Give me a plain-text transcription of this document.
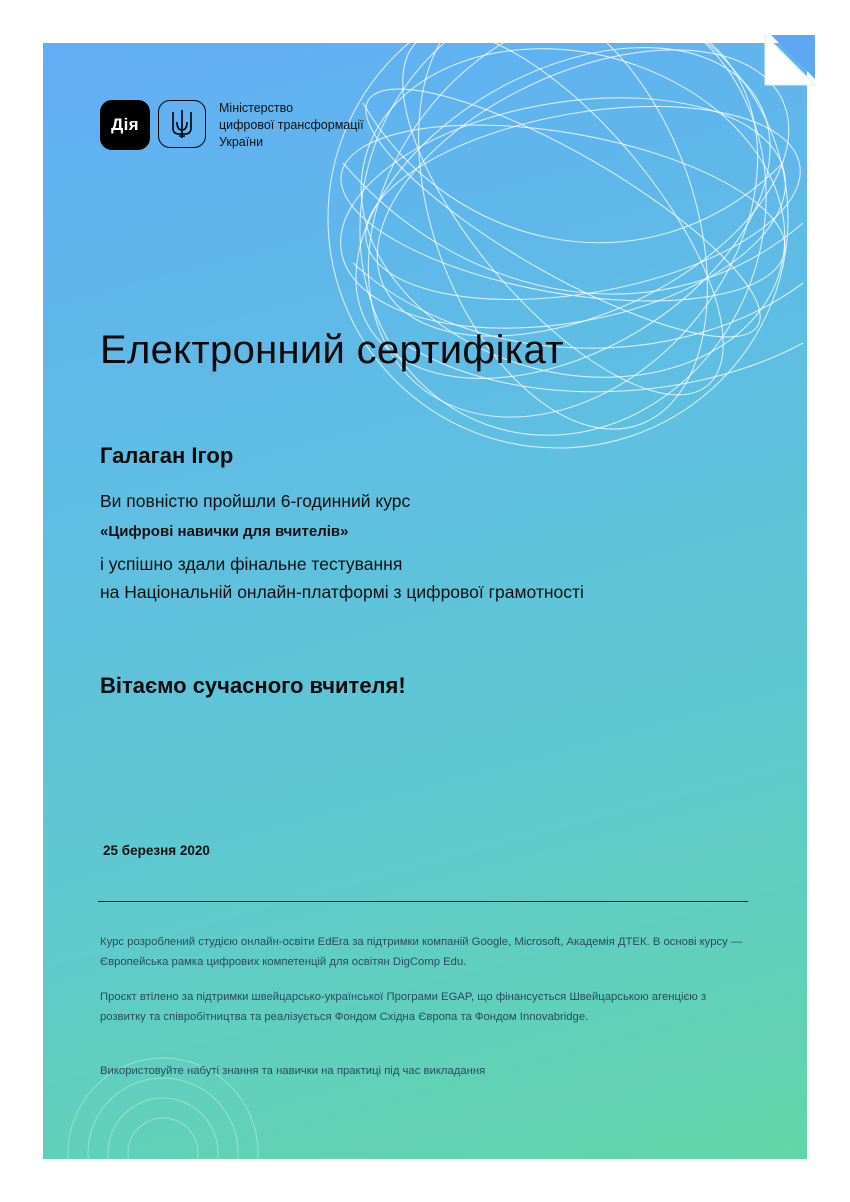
Дія
Міністерство
цифрової трансформації
України
Електронний сертифікат
Галаган Ігор
Ви повністю пройшли 6-годинний курс
«Цифрові навички для вчителів»
і успішно здали фінальне тестування
на Національній онлайн-платформі з цифрової грамотності
Вітаємо сучасного вчителя!
25 березня 2020
Курс розроблений студією онлайн-освіти EdEra за підтримки компаній Google, Microsoft, Академія ДТЕК. В основі курсу — Європейська рамка цифрових компетенцій для освітян DigComp Edu.
Проєкт втілено за підтримки швейцарсько-української Програми EGAP, що фінансується Швейцарською агенцією з розвитку та співробітництва та реалізується Фондом Східна Європа та Фондом Innovabridge.
Використовуйте набуті знання та навички на практиці під час викладання
